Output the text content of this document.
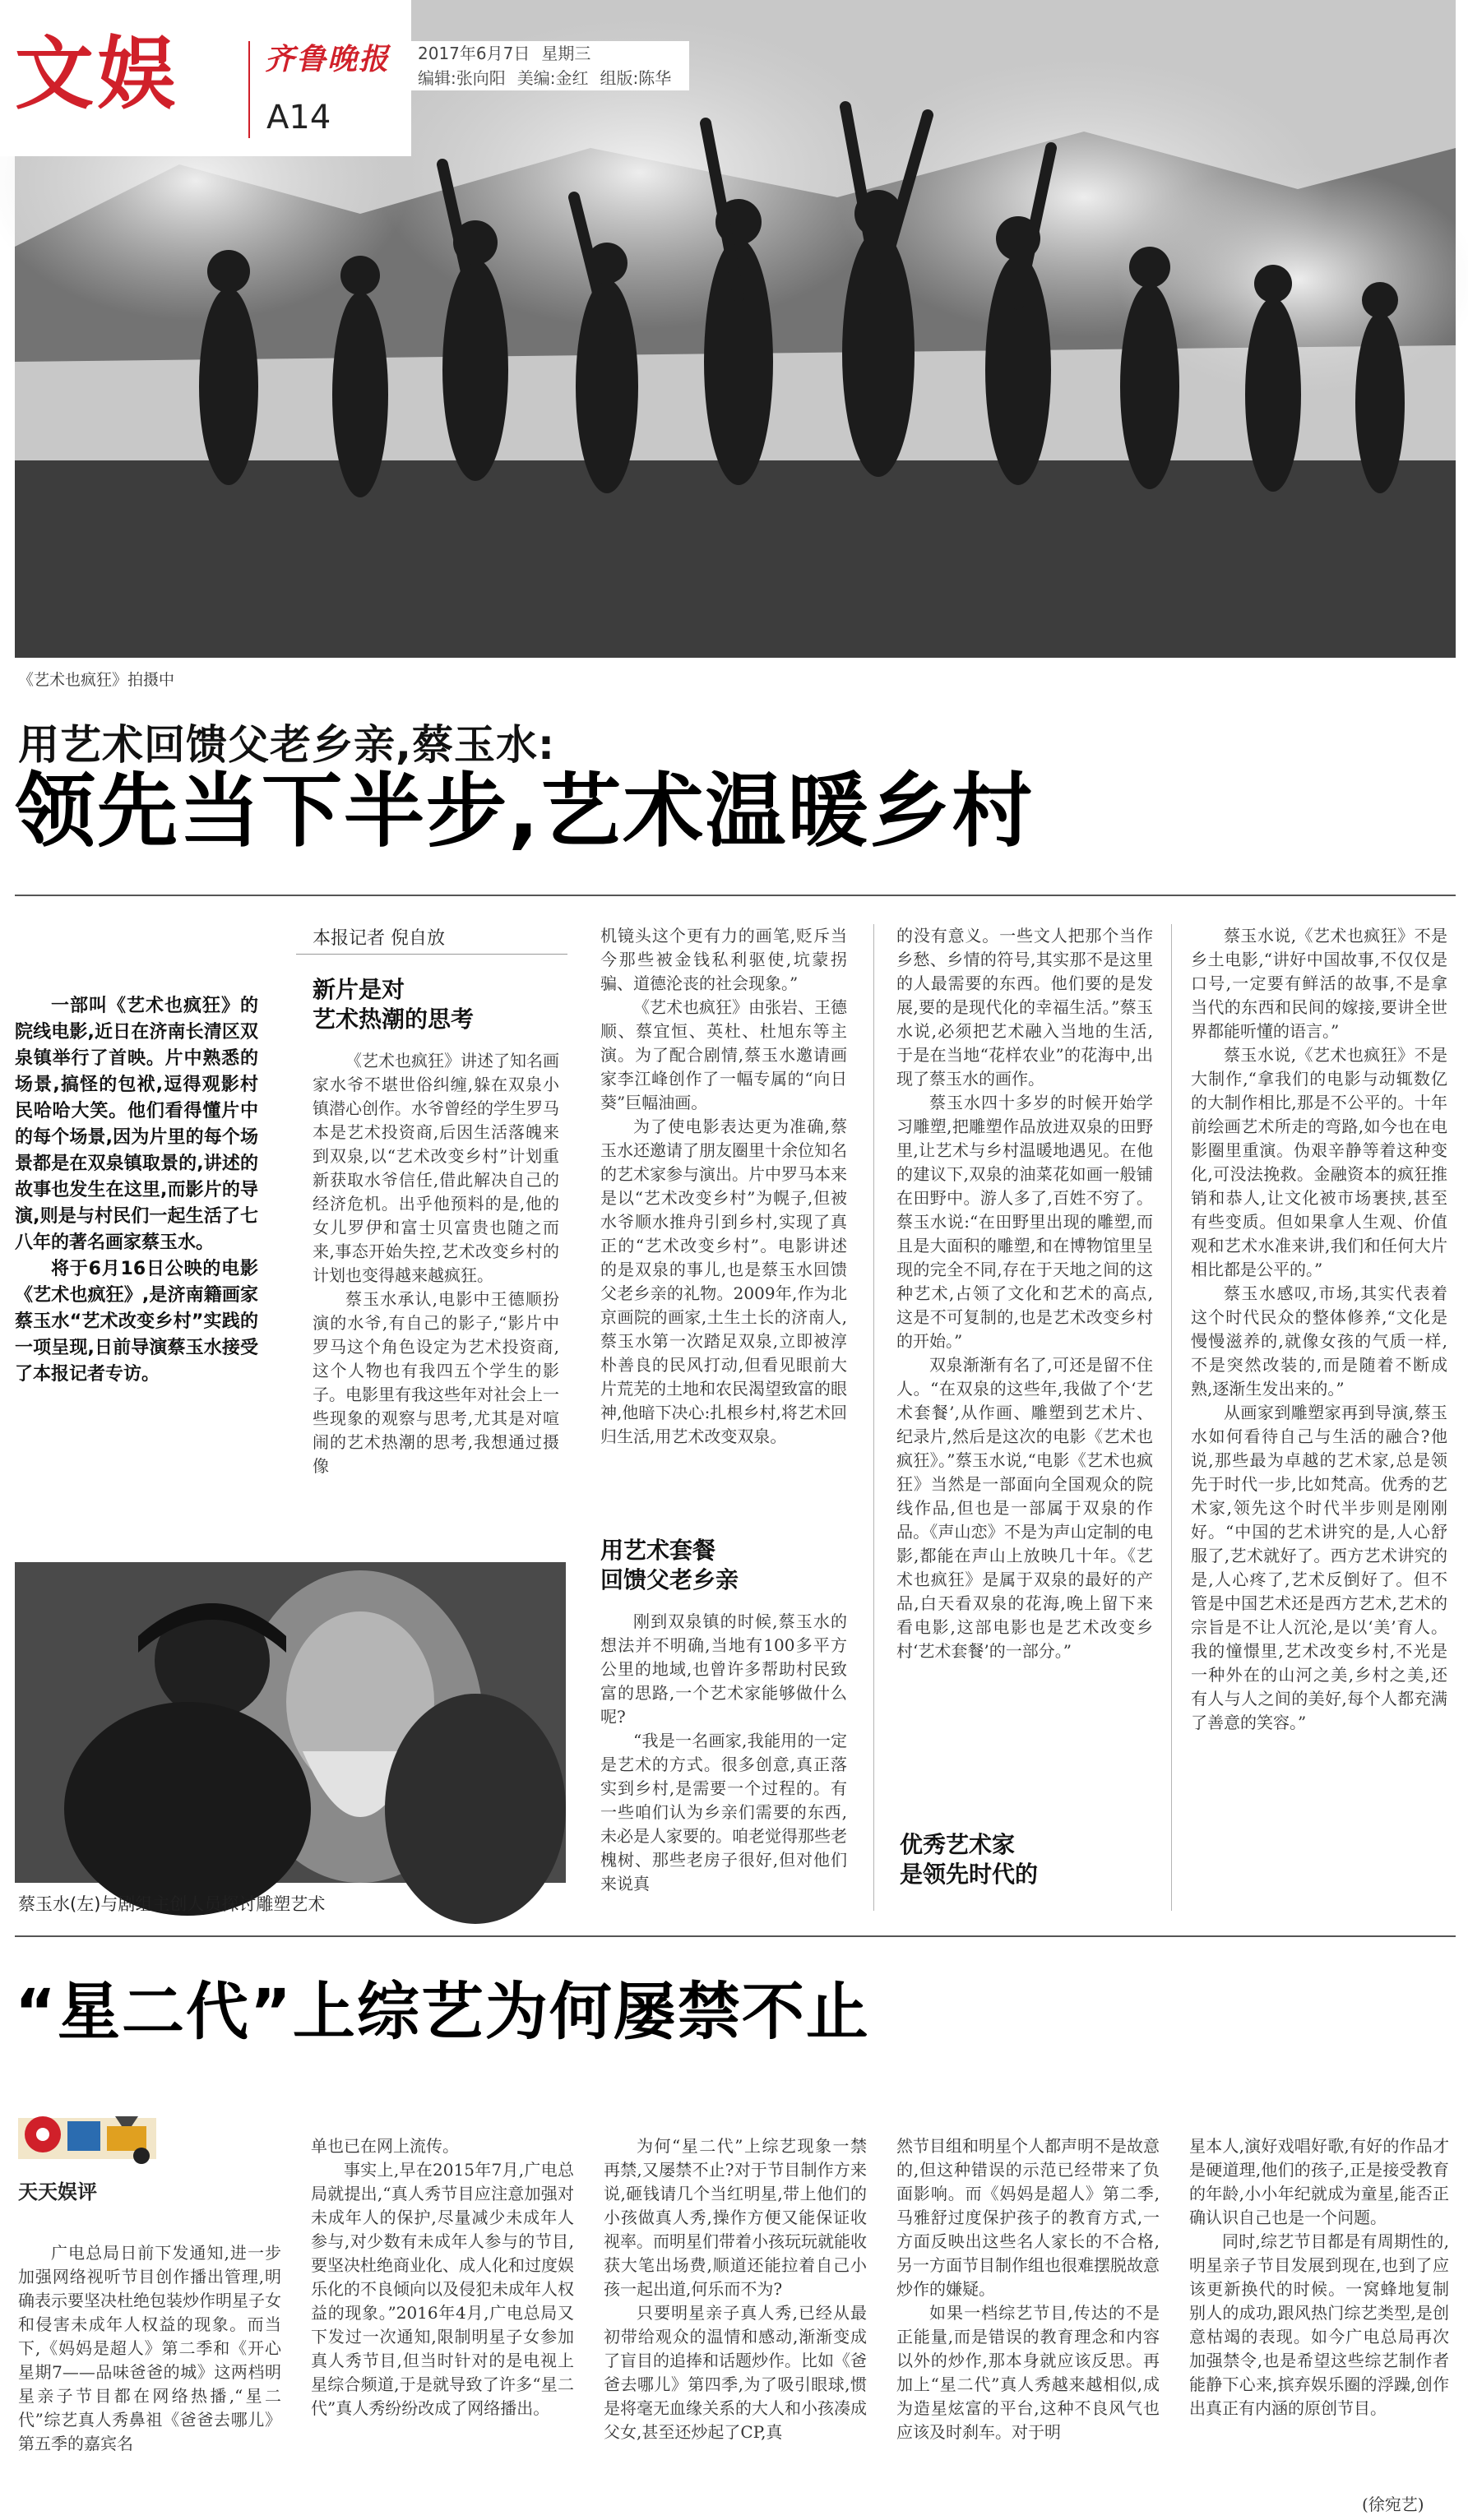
文娱	齐鲁晚报
A14
2017年6月7日 星期三
编辑:张向阳 美编:金红 组版:陈华
《艺术也疯狂》拍摄中
用艺术回馈父老乡亲,蔡玉水:
领先当下半步,艺术温暖乡村

一部叫《艺术也疯狂》的院线电影,近日在济南长清区双泉镇举行了首映。片中熟悉的场景,搞怪的包袱,逗得观影村民哈哈大笑。他们看得懂片中的每个场景,因为片里的每个场景都是在双泉镇取景的,讲述的故事也发生在这里,而影片的导演,则是与村民们一起生活了七八年的著名画家蔡玉水。

将于6月16日公映的电影《艺术也疯狂》,是济南籍画家蔡玉水“艺术改变乡村”实践的一项呈现,日前导演蔡玉水接受了本报记者专访。

本报记者 倪自放
新片是对
艺术热潮的思考

《艺术也疯狂》讲述了知名画家水爷不堪世俗纠缠,躲在双泉小镇潜心创作。水爷曾经的学生罗马本是艺术投资商,后因生活落魄来到双泉,以“艺术改变乡村”计划重新获取水爷信任,借此解决自己的经济危机。出乎他预料的是,他的女儿罗伊和富士贝富贵也随之而来,事态开始失控,艺术改变乡村的计划也变得越来越疯狂。

蔡玉水承认,电影中王德顺扮演的水爷,有自己的影子,“影片中罗马这个角色设定为艺术投资商,这个人物也有我四五个学生的影子。电影里有我这些年对社会上一些现象的观察与思考,尤其是对喧闹的艺术热潮的思考,我想通过摄像

机镜头这个更有力的画笔,贬斥当今那些被金钱私利驱使,坑蒙拐骗、道德沦丧的社会现象。”

《艺术也疯狂》由张岩、王德顺、蔡宜恒、英杜、杜旭东等主演。为了配合剧情,蔡玉水邀请画家李江峰创作了一幅专属的“向日葵”巨幅油画。

为了使电影表达更为准确,蔡玉水还邀请了朋友圈里十余位知名的艺术家参与演出。片中罗马本来是以“艺术改变乡村”为幌子,但被水爷顺水推舟引到乡村,实现了真正的“艺术改变乡村”。电影讲述的是双泉的事儿,也是蔡玉水回馈父老乡亲的礼物。2009年,作为北京画院的画家,土生土长的济南人,蔡玉水第一次踏足双泉,立即被淳朴善良的民风打动,但看见眼前大片荒芜的土地和农民渴望致富的眼神,他暗下决心:扎根乡村,将艺术回归生活,用艺术改变双泉。

用艺术套餐
回馈父老乡亲

刚到双泉镇的时候,蔡玉水的想法并不明确,当地有100多平方公里的地域,也曾许多帮助村民致富的思路,一个艺术家能够做什么呢?

“我是一名画家,我能用的一定是艺术的方式。很多创意,真正落实到乡村,是需要一个过程的。有一些咱们认为乡亲们需要的东西,未必是人家要的。咱老觉得那些老槐树、那些老房子很好,但对他们来说真

的没有意义。一些文人把那个当作乡愁、乡情的符号,其实那不是这里的人最需要的东西。他们要的是发展,要的是现代化的幸福生活。”蔡玉水说,必须把艺术融入当地的生活,于是在当地“花样农业”的花海中,出现了蔡玉水的画作。

蔡玉水四十多岁的时候开始学习雕塑,把雕塑作品放进双泉的田野里,让艺术与乡村温暖地遇见。在他的建议下,双泉的油菜花如画一般铺在田野中。游人多了,百姓不穷了。蔡玉水说:“在田野里出现的雕塑,而且是大面积的雕塑,和在博物馆里呈现的完全不同,存在于天地之间的这种艺术,占领了文化和艺术的高点,这是不可复制的,也是艺术改变乡村的开始。”

双泉渐渐有名了,可还是留不住人。“在双泉的这些年,我做了个‘艺术套餐’,从作画、雕塑到艺术片、纪录片,然后是这次的电影《艺术也疯狂》。”蔡玉水说,“电影《艺术也疯狂》当然是一部面向全国观众的院线作品,但也是一部属于双泉的作品。《声山恋》不是为声山定制的电影,都能在声山上放映几十年。《艺术也疯狂》是属于双泉的最好的产品,白天看双泉的花海,晚上留下来看电影,这部电影也是艺术改变乡村‘艺术套餐’的一部分。”

优秀艺术家
是领先时代的

蔡玉水说,《艺术也疯狂》不是乡土电影,“讲好中国故事,不仅仅是口号,一定要有鲜活的故事,不是拿当代的东西和民间的嫁接,要讲全世界都能听懂的语言。”

蔡玉水说,《艺术也疯狂》不是大制作,“拿我们的电影与动辄数亿的大制作相比,那是不公平的。十年前绘画艺术所走的弯路,如今也在电影圈里重演。伪艰辛静等着这种变化,可没法挽救。金融资本的疯狂推销和恭人,让文化被市场裹挟,甚至有些变质。但如果拿人生观、价值观和艺术水准来讲,我们和任何大片相比都是公平的。”

蔡玉水感叹,市场,其实代表着这个时代民众的整体修养,“文化是慢慢滋养的,就像女孩的气质一样,不是突然改装的,而是随着不断成熟,逐渐生发出来的。”

从画家到雕塑家再到导演,蔡玉水如何看待自己与生活的融合?他说,那些最为卓越的艺术家,总是领先于时代一步,比如梵高。优秀的艺术家,领先这个时代半步则是刚刚好。“中国的艺术讲究的是,人心舒服了,艺术就好了。西方艺术讲究的是,人心疼了,艺术反倒好了。但不管是中国艺术还是西方艺术,艺术的宗旨是不让人沉沦,是以‘美’育人。我的憧憬里,艺术改变乡村,不光是一种外在的山河之美,乡村之美,还有人与人之间的美好,每个人都充满了善意的笑容。”

蔡玉水(左)与剧组主创人员探讨雕塑艺术
“星二代”上综艺为何屡禁不止
天天娱评

广电总局日前下发通知,进一步加强网络视听节目创作播出管理,明确表示要坚决杜绝包装炒作明星子女和侵害未成年人权益的现象。而当下,《妈妈是超人》第二季和《开心星期7——品味爸爸的城》这两档明星亲子节目都在网络热播,“星二代”综艺真人秀鼻祖《爸爸去哪儿》第五季的嘉宾名

单也已在网上流传。

事实上,早在2015年7月,广电总局就提出,“真人秀节目应注意加强对未成年人的保护,尽量减少未成年人参与,对少数有未成年人参与的节目,要坚决杜绝商业化、成人化和过度娱乐化的不良倾向以及侵犯未成年人权益的现象。”2016年4月,广电总局又下发过一次通知,限制明星子女参加真人秀节目,但当时针对的是电视上星综合频道,于是就导致了许多“星二代”真人秀纷纷改成了网络播出。

为何“星二代”上综艺现象一禁再禁,又屡禁不止?对于节目制作方来说,砸钱请几个当红明星,带上他们的小孩做真人秀,操作方便又能保证收视率。而明星们带着小孩玩玩就能收获大笔出场费,顺道还能拉着自己小孩一起出道,何乐而不为?

只要明星亲子真人秀,已经从最初带给观众的温情和感动,渐渐变成了盲目的追捧和话题炒作。比如《爸爸去哪儿》第四季,为了吸引眼球,惯是将毫无血缘关系的大人和小孩凑成父女,甚至还炒起了CP,真

然节目组和明星个人都声明不是故意的,但这种错误的示范已经带来了负面影响。而《妈妈是超人》第二季,马雅舒过度保护孩子的教育方式,一方面反映出这些名人家长的不合格,另一方面节目制作组也很难摆脱故意炒作的嫌疑。

如果一档综艺节目,传达的不是正能量,而是错误的教育理念和内容以外的炒作,那本身就应该反思。再加上“星二代”真人秀越来越相似,成为造星炫富的平台,这种不良风气也应该及时刹车。对于明

星本人,演好戏唱好歌,有好的作品才是硬道理,他们的孩子,正是接受教育的年龄,小小年纪就成为童星,能否正确认识自己也是一个问题。

同时,综艺节目都是有周期性的,明星亲子节目发展到现在,也到了应该更新换代的时候。一窝蜂地复制别人的成功,跟风热门综艺类型,是创意枯竭的表现。如今广电总局再次加强禁令,也是希望这些综艺制作者能静下心来,摈弃娱乐圈的浮躁,创作出真正有内涵的原创节目。

(徐宛艺)
